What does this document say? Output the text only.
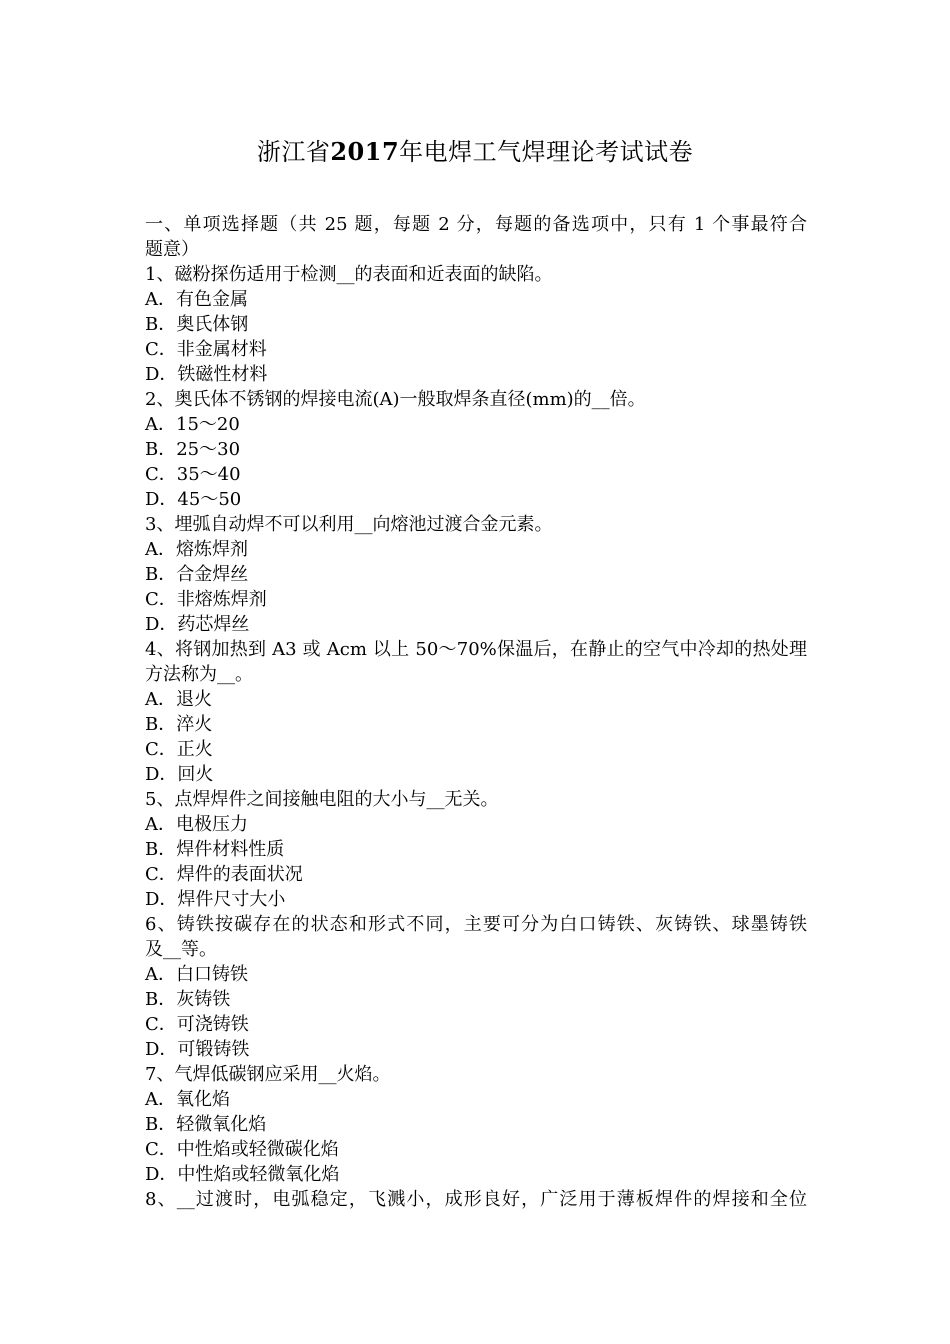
浙江省2017年电焊工气焊理论考试试卷
一、单项选择题（共 25 题，每题 2 分，每题的备选项中，只有 1 个事最符合
题意）
1、磁粉探伤适用于检测__的表面和近表面的缺陷。
A．有色金属
B．奥氏体钢
C．非金属材料
D．铁磁性材料
2、奥氏体不锈钢的焊接电流(A)一般取焊条直径(mm)的__倍。
A．15～20
B．25～30
C．35～40
D．45～50
3、埋弧自动焊不可以利用__向熔池过渡合金元素。
A．熔炼焊剂
B．合金焊丝
C．非熔炼焊剂
D．药芯焊丝
4、将钢加热到 A3 或 Acm 以上 50～70%保温后，在静止的空气中冷却的热处理
方法称为__。
A．退火
B．淬火
C．正火
D．回火
5、点焊焊件之间接触电阻的大小与__无关。
A．电极压力
B．焊件材料性质
C．焊件的表面状况
D．焊件尺寸大小
6、铸铁按碳存在的状态和形式不同，主要可分为白口铸铁、灰铸铁、球墨铸铁
及__等。
A．白口铸铁
B．灰铸铁
C．可浇铸铁
D．可锻铸铁
7、气焊低碳钢应采用__火焰。
A．氧化焰
B．轻微氧化焰
C．中性焰或轻微碳化焰
D．中性焰或轻微氧化焰
8、__过渡时，电弧稳定，飞溅小，成形良好，广泛用于薄板焊件的焊接和全位
